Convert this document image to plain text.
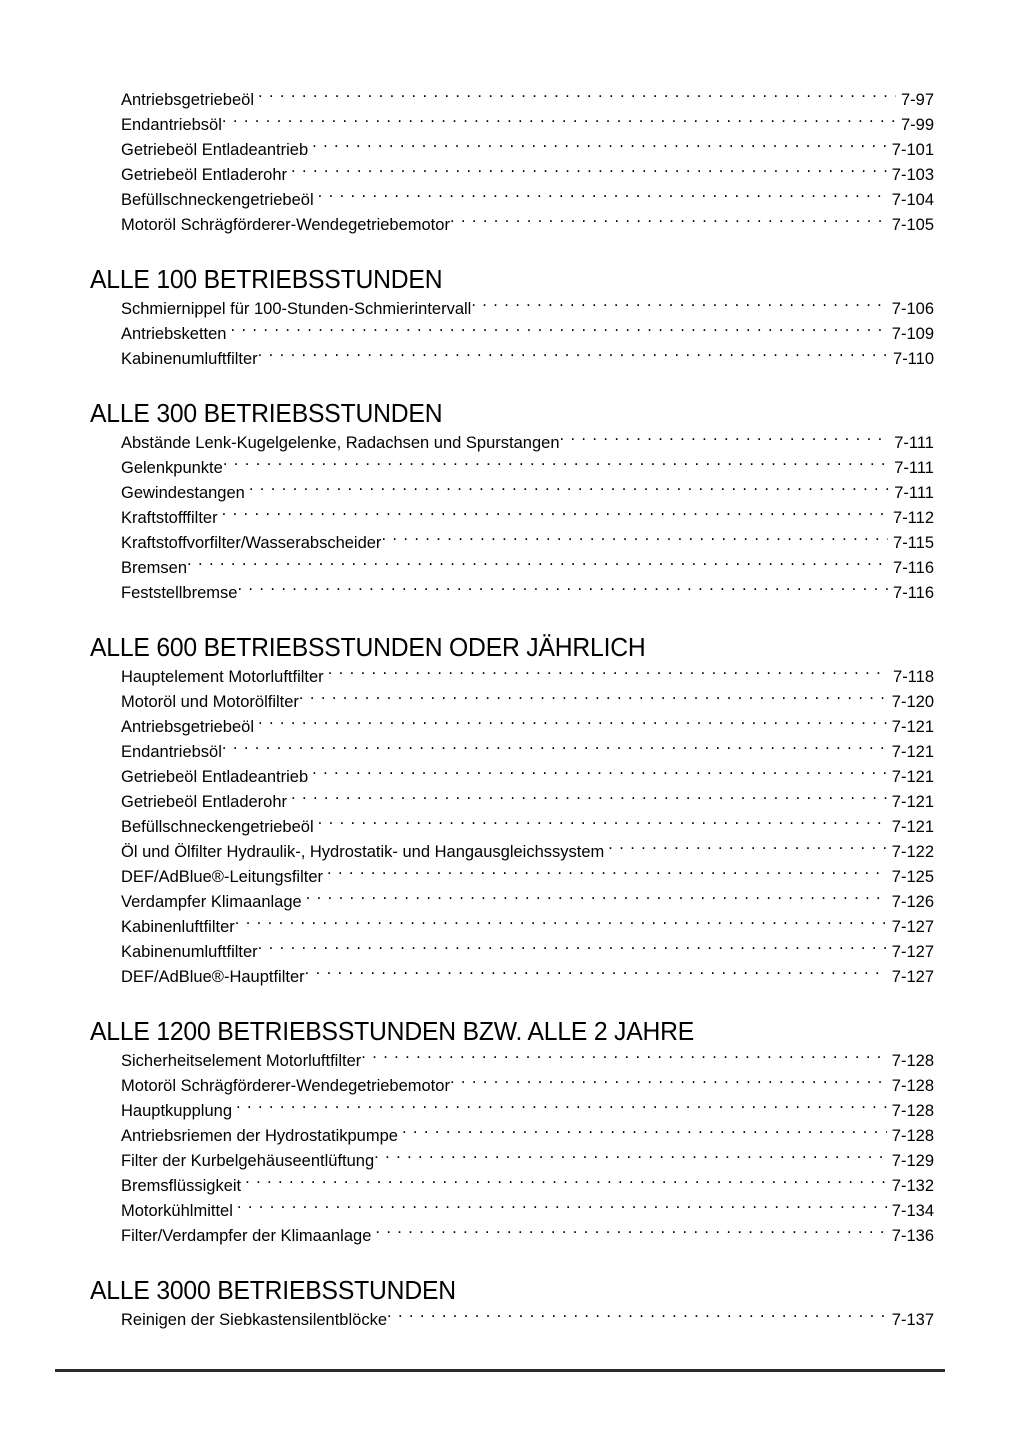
Antriebsgetriebeöl . . .	7-97
Endantriebsöl . . .	7-99
Getriebeöl Entladeantrieb . . .	7-101
Getriebeöl Entladerohr . . .	7-103
Befüllschneckengetriebeöl . . .	7-104
Motoröl Schrägförderer-Wendegetriebemotor . . .	7-105
ALLE 100 BETRIEBSSTUNDEN
Schmiernippel für 100-Stunden-Schmierintervall . . .	7-106
Antriebsketten . . .	7-109
Kabinenumluftfilter . . .	7-110
ALLE 300 BETRIEBSSTUNDEN
Abstände Lenk-Kugelgelenke, Radachsen und Spurstangen . . .	7-111
Gelenkpunkte . . .	7-111
Gewindestangen . . .	7-111
Kraftstofffilter . . .	7-112
Kraftstoffvorfilter/Wasserabscheider . . .	7-115
Bremsen . . .	7-116
Feststellbremse . . .	7-116
ALLE 600 BETRIEBSSTUNDEN ODER JÄHRLICH
Hauptelement Motorluftfilter . . .	7-118
Motoröl und Motorölfilter . . .	7-120
Antriebsgetriebeöl . . .	7-121
Endantriebsöl . . .	7-121
Getriebeöl Entladeantrieb . . .	7-121
Getriebeöl Entladerohr . . .	7-121
Befüllschneckengetriebeöl . . .	7-121
Öl und Ölfilter Hydraulik-, Hydrostatik- und Hangausgleichssystem . . .	7-122
DEF/AdBlue®-Leitungsfilter . . .	7-125
Verdampfer Klimaanlage . . .	7-126
Kabinenluftfilter . . .	7-127
Kabinenumluftfilter . . .	7-127
DEF/AdBlue®-Hauptfilter . . .	7-127
ALLE 1200 BETRIEBSSTUNDEN BZW. ALLE 2 JAHRE
Sicherheitselement Motorluftfilter . . .	7-128
Motoröl Schrägförderer-Wendegetriebemotor . . .	7-128
Hauptkupplung . . .	7-128
Antriebsriemen der Hydrostatikpumpe . . .	7-128
Filter der Kurbelgehäuseentlüftung . . .	7-129
Bremsflüssigkeit . . .	7-132
Motorkühlmittel . . .	7-134
Filter/Verdampfer der Klimaanlage . . .	7-136
ALLE 3000 BETRIEBSSTUNDEN
Reinigen der Siebkastensilentblöcke . . .	7-137
